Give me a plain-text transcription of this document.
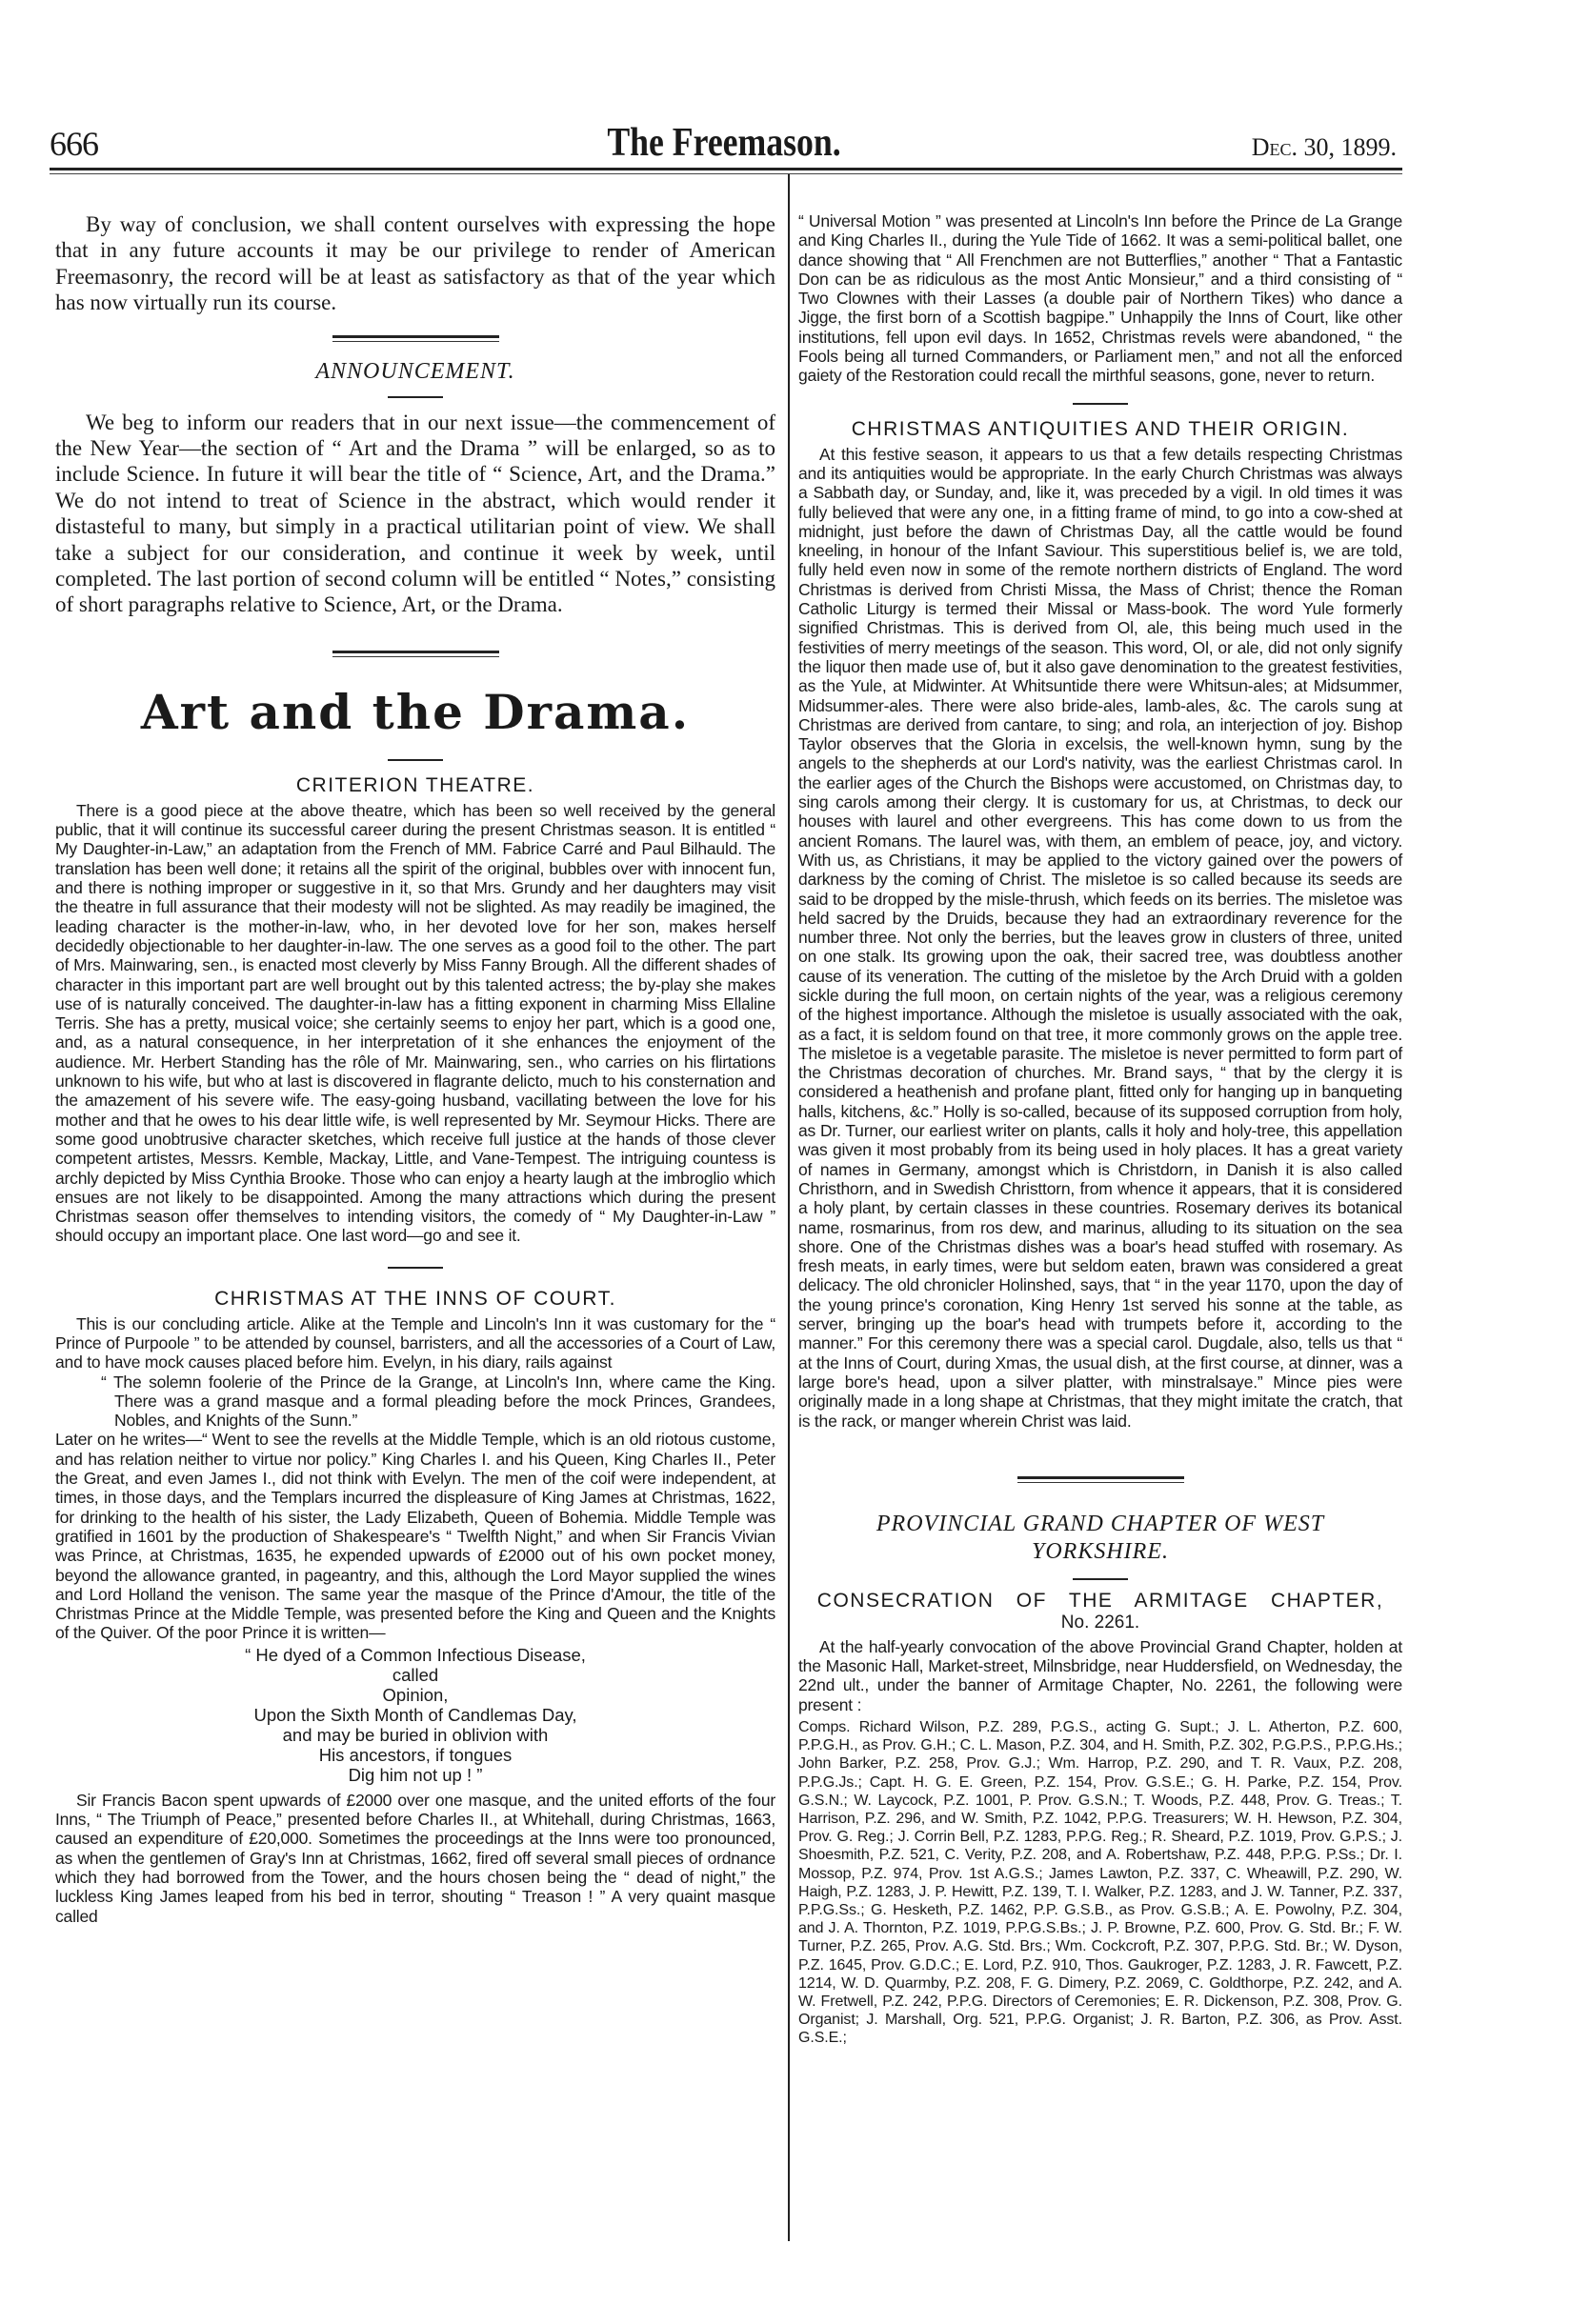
666	The Freemason.	Dec. 30, 1899.

By way of conclusion, we shall content ourselves with expressing the hope that in any future accounts it may be our privilege to render of American Freemasonry, the record will be at least as satisfactory as that of the year which has now virtually run its course.

ANNOUNCEMENT.

We beg to inform our readers that in our next issue—the commencement of the New Year—the section of “ Art and the Drama ” will be enlarged, so as to include Science. In future it will bear the title of “ Science, Art, and the Drama.” We do not intend to treat of Science in the abstract, which would render it distasteful to many, but simply in a practical utilitarian point of view. We shall take a subject for our consideration, and continue it week by week, until completed. The last portion of second column will be entitled “ Notes,” consisting of short paragraphs relative to Science, Art, or the Drama.

Art and the Drama.
CRITERION THEATRE.

There is a good piece at the above theatre, which has been so well received by the general public, that it will continue its successful career during the present Christmas season. It is entitled “ My Daughter-in-Law,” an adaptation from the French of MM. Fabrice Carré and Paul Bilhauld. The translation has been well done; it retains all the spirit of the original, bubbles over with innocent fun, and there is nothing improper or suggestive in it, so that Mrs. Grundy and her daughters may visit the theatre in full assurance that their modesty will not be slighted. As may readily be imagined, the leading character is the mother-in-law, who, in her devoted love for her son, makes herself decidedly objectionable to her daughter-in-law. The one serves as a good foil to the other. The part of Mrs. Mainwaring, sen., is enacted most cleverly by Miss Fanny Brough. All the different shades of character in this important part are well brought out by this talented actress; the by-play she makes use of is naturally conceived. The daughter-in-law has a fitting exponent in charming Miss Ellaline Terris. She has a pretty, musical voice; she certainly seems to enjoy her part, which is a good one, and, as a natural consequence, in her interpretation of it she enhances the enjoyment of the audience. Mr. Herbert Standing has the rôle of Mr. Mainwaring, sen., who carries on his flirtations unknown to his wife, but who at last is discovered in flagrante delicto, much to his consternation and the amazement of his severe wife. The easy-going husband, vacillating between the love for his mother and that he owes to his dear little wife, is well represented by Mr. Seymour Hicks. There are some good unobtrusive character sketches, which receive full justice at the hands of those clever competent artistes, Messrs. Kemble, Mackay, Little, and Vane-Tempest. The intriguing countess is archly depicted by Miss Cynthia Brooke. Those who can enjoy a hearty laugh at the imbroglio which ensues are not likely to be disappointed. Among the many attractions which during the present Christmas season offer themselves to intending visitors, the comedy of “ My Daughter-in-Law ” should occupy an important place. One last word—go and see it.

CHRISTMAS AT THE INNS OF COURT.

This is our concluding article. Alike at the Temple and Lincoln's Inn it was customary for the “ Prince of Purpoole ” to be attended by counsel, barristers, and all the accessories of a Court of Law, and to have mock causes placed before him. Evelyn, in his diary, rails against

“ The solemn foolerie of the Prince de la Grange, at Lincoln's Inn, where came the King. There was a grand masque and a formal pleading before the mock Princes, Grandees, Nobles, and Knights of the Sunn.”

Later on he writes—“ Went to see the revells at the Middle Temple, which is an old riotous custome, and has relation neither to virtue nor policy.” King Charles I. and his Queen, King Charles II., Peter the Great, and even James I., did not think with Evelyn. The men of the coif were independent, at times, in those days, and the Templars incurred the displeasure of King James at Christmas, 1622, for drinking to the health of his sister, the Lady Elizabeth, Queen of Bohemia. Middle Temple was gratified in 1601 by the production of Shakespeare's “ Twelfth Night,” and when Sir Francis Vivian was Prince, at Christmas, 1635, he expended upwards of £2000 out of his own pocket money, beyond the allowance granted, in pageantry, and this, although the Lord Mayor supplied the wines and Lord Holland the venison. The same year the masque of the Prince d'Amour, the title of the Christmas Prince at the Middle Temple, was presented before the King and Queen and the Knights of the Quiver. Of the poor Prince it is written—

“ He dyed of a Common Infectious Disease,
called
Opinion,
Upon the Sixth Month of Candlemas Day,
and may be buried in oblivion with
His ancestors, if tongues
Dig him not up ! ”

Sir Francis Bacon spent upwards of £2000 over one masque, and the united efforts of the four Inns, “ The Triumph of Peace,” presented before Charles II., at Whitehall, during Christmas, 1663, caused an expenditure of £20,000. Sometimes the proceedings at the Inns were too pronounced, as when the gentlemen of Gray's Inn at Christmas, 1662, fired off several small pieces of ordnance which they had borrowed from the Tower, and the hours chosen being the “ dead of night,” the luckless King James leaped from his bed in terror, shouting “ Treason ! ” A very quaint masque called

“ Universal Motion ” was presented at Lincoln's Inn before the Prince de La Grange and King Charles II., during the Yule Tide of 1662. It was a semi-political ballet, one dance showing that “ All Frenchmen are not Butterflies,” another “ That a Fantastic Don can be as ridiculous as the most Antic Monsieur,” and a third consisting of “ Two Clownes with their Lasses (a double pair of Northern Tikes) who dance a Jigge, the first born of a Scottish bagpipe.” Unhappily the Inns of Court, like other institutions, fell upon evil days. In 1652, Christmas revels were abandoned, “ the Fools being all turned Commanders, or Parliament men,” and not all the enforced gaiety of the Restoration could recall the mirthful seasons, gone, never to return.

CHRISTMAS ANTIQUITIES AND THEIR ORIGIN.

At this festive season, it appears to us that a few details respecting Christmas and its antiquities would be appropriate. In the early Church Christmas was always a Sabbath day, or Sunday, and, like it, was preceded by a vigil. In old times it was fully believed that were any one, in a fitting frame of mind, to go into a cow-shed at midnight, just before the dawn of Christmas Day, all the cattle would be found kneeling, in honour of the Infant Saviour. This superstitious belief is, we are told, fully held even now in some of the remote northern districts of England. The word Christmas is derived from Christi Missa, the Mass of Christ; thence the Roman Catholic Liturgy is termed their Missal or Mass-book. The word Yule formerly signified Christmas. This is derived from Ol, ale, this being much used in the festivities of merry meetings of the season. This word, Ol, or ale, did not only signify the liquor then made use of, but it also gave denomination to the greatest festivities, as the Yule, at Midwinter. At Whitsuntide there were Whitsun-ales; at Midsummer, Midsummer-ales. There were also bride-ales, lamb-ales, &c. The carols sung at Christmas are derived from cantare, to sing; and rola, an interjection of joy. Bishop Taylor observes that the Gloria in excelsis, the well-known hymn, sung by the angels to the shepherds at our Lord's nativity, was the earliest Christmas carol. In the earlier ages of the Church the Bishops were accustomed, on Christmas day, to sing carols among their clergy. It is customary for us, at Christmas, to deck our houses with laurel and other evergreens. This has come down to us from the ancient Romans. The laurel was, with them, an emblem of peace, joy, and victory. With us, as Christians, it may be applied to the victory gained over the powers of darkness by the coming of Christ. The misletoe is so called because its seeds are said to be dropped by the misle-thrush, which feeds on its berries. The misletoe was held sacred by the Druids, because they had an extraordinary reverence for the number three. Not only the berries, but the leaves grow in clusters of three, united on one stalk. Its growing upon the oak, their sacred tree, was doubtless another cause of its veneration. The cutting of the misletoe by the Arch Druid with a golden sickle during the full moon, on certain nights of the year, was a religious ceremony of the highest importance. Although the misletoe is usually associated with the oak, as a fact, it is seldom found on that tree, it more commonly grows on the apple tree. The misletoe is a vegetable parasite. The misletoe is never permitted to form part of the Christmas decoration of churches. Mr. Brand says, “ that by the clergy it is considered a heathenish and profane plant, fitted only for hanging up in banqueting halls, kitchens, &c.” Holly is so-called, because of its supposed corruption from holy, as Dr. Turner, our earliest writer on plants, calls it holy and holy-tree, this appellation was given it most probably from its being used in holy places. It has a great variety of names in Germany, amongst which is Christdorn, in Danish it is also called Christhorn, and in Swedish Christtorn, from whence it appears, that it is considered a holy plant, by certain classes in these countries. Rosemary derives its botanical name, rosmarinus, from ros dew, and marinus, alluding to its situation on the sea shore. One of the Christmas dishes was a boar's head stuffed with rosemary. As fresh meats, in early times, were but seldom eaten, brawn was considered a great delicacy. The old chronicler Holinshed, says, that “ in the year 1170, upon the day of the young prince's coronation, King Henry 1st served his sonne at the table, as server, bringing up the boar's head with trumpets before it, according to the manner.” For this ceremony there was a special carol. Dugdale, also, tells us that “ at the Inns of Court, during Xmas, the usual dish, at the first course, at dinner, was a large bore's head, upon a silver platter, with minstralsaye.” Mince pies were originally made in a long shape at Christmas, that they might imitate the cratch, that is the rack, or manger wherein Christ was laid.

PROVINCIAL GRAND CHAPTER OF WEST
YORKSHIRE.
CONSECRATION OF THE ARMITAGE CHAPTER,
No. 2261.

At the half-yearly convocation of the above Provincial Grand Chapter, holden at the Masonic Hall, Market-street, Milnsbridge, near Huddersfield, on Wednesday, the 22nd ult., under the banner of Armitage Chapter, No. 2261, the following were present :

Comps. Richard Wilson, P.Z. 289, P.G.S., acting G. Supt.; J. L. Atherton, P.Z. 600, P.P.G.H., as Prov. G.H.; C. L. Mason, P.Z. 304, and H. Smith, P.Z. 302, P.G.P.S., P.P.G.Hs.; John Barker, P.Z. 258, Prov. G.J.; Wm. Harrop, P.Z. 290, and T. R. Vaux, P.Z. 208, P.P.G.Js.; Capt. H. G. E. Green, P.Z. 154, Prov. G.S.E.; G. H. Parke, P.Z. 154, Prov. G.S.N.; W. Laycock, P.Z. 1001, P. Prov. G.S.N.; T. Woods, P.Z. 448, Prov. G. Treas.; T. Harrison, P.Z. 296, and W. Smith, P.Z. 1042, P.P.G. Treasurers; W. H. Hewson, P.Z. 304, Prov. G. Reg.; J. Corrin Bell, P.Z. 1283, P.P.G. Reg.; R. Sheard, P.Z. 1019, Prov. G.P.S.; J. Shoesmith, P.Z. 521, C. Verity, P.Z. 208, and A. Robertshaw, P.Z. 448, P.P.G. P.Ss.; Dr. I. Mossop, P.Z. 974, Prov. 1st A.G.S.; James Lawton, P.Z. 337, C. Wheawill, P.Z. 290, W. Haigh, P.Z. 1283, J. P. Hewitt, P.Z. 139, T. I. Walker, P.Z. 1283, and J. W. Tanner, P.Z. 337, P.P.G.Ss.; G. Hesketh, P.Z. 1462, P.P. G.S.B., as Prov. G.S.B.; A. E. Powolny, P.Z. 304, and J. A. Thornton, P.Z. 1019, P.P.G.S.Bs.; J. P. Browne, P.Z. 600, Prov. G. Std. Br.; F. W. Turner, P.Z. 265, Prov. A.G. Std. Brs.; Wm. Cockcroft, P.Z. 307, P.P.G. Std. Br.; W. Dyson, P.Z. 1645, Prov. G.D.C.; E. Lord, P.Z. 910, Thos. Gaukroger, P.Z. 1283, J. R. Fawcett, P.Z. 1214, W. D. Quarmby, P.Z. 208, F. G. Dimery, P.Z. 2069, C. Goldthorpe, P.Z. 242, and A. W. Fretwell, P.Z. 242, P.P.G. Directors of Ceremonies; E. R. Dickenson, P.Z. 308, Prov. G. Organist; J. Marshall, Org. 521, P.P.G. Organist; J. R. Barton, P.Z. 306, as Prov. Asst. G.S.E.;
